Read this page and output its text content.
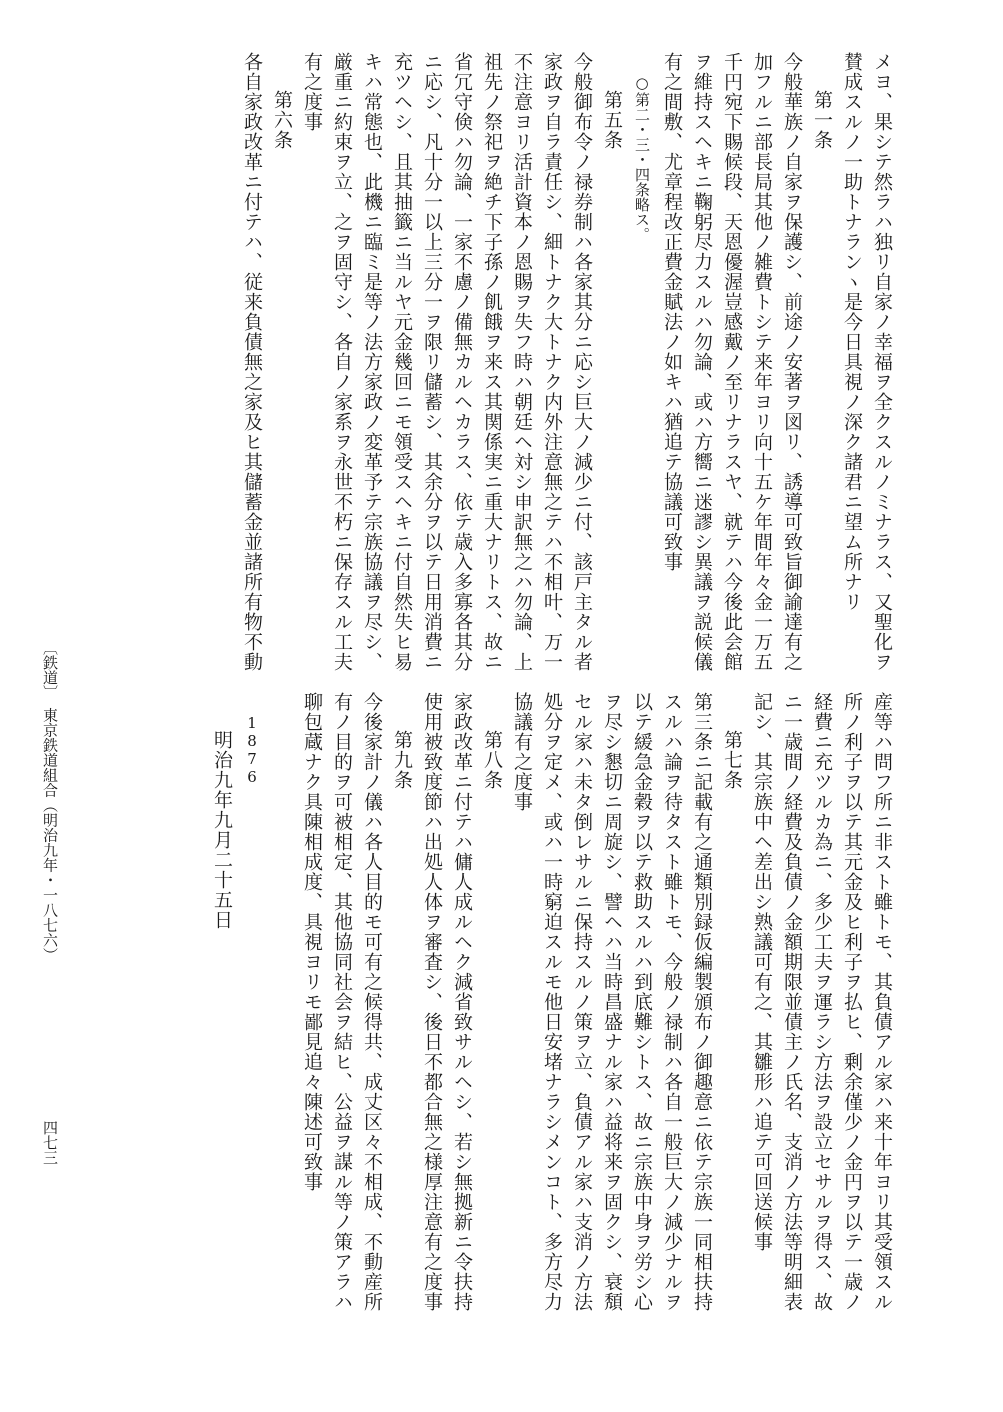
メヨ、果シテ然ラハ独リ自家ノ幸福ヲ全クスルノミナラス、又聖化ヲ
賛成スルノ一助トナランヽ是今日具視ノ深ク諸君ニ望ム所ナリ
第一条
今般華族ノ自家ヲ保護シ、前途ノ安著ヲ図リ、誘導可致旨御諭達有之
加フルニ部長局其他ノ雑費トシテ来年ヨリ向十五ケ年間年々金一万五
千円宛下賜候段、天恩優渥豈感戴ノ至リナラスヤ、就テハ今後此会館
ヲ維持スヘキニ鞠躬尽力スルハ勿論、或ハ方嚮ニ迷謬シ異議ヲ説候儀
有之間敷、尤章程改正費金賦法ノ如キハ猶追テ協議可致事
○第二・三・四条略ス。
第五条
今般御布令ノ禄券制ハ各家其分ニ応シ巨大ノ減少ニ付、該戸主タル者
家政ヲ自ラ責任シ、細トナク大トナク内外注意無之テハ不相叶、万一
不注意ヨリ活計資本ノ恩賜ヲ失フ時ハ朝廷ヘ対シ申訳無之ハ勿論、上
祖先ノ祭祀ヲ絶チ下子孫ノ飢餓ヲ来ス其関係実ニ重大ナリトス、故ニ
省冗守倹ハ勿論、一家不慮ノ備無カルヘカラス、依テ歳入多寡各其分
ニ応シ、凡十分一以上三分一ヲ限リ儲蓄シ、其余分ヲ以テ日用消費ニ
充ツヘシ、且其抽籤ニ当ルヤ元金幾回ニモ領受スヘキニ付自然失ヒ易
キハ常態也、此機ニ臨ミ是等ノ法方家政ノ変革予テ宗族協議ヲ尽シ、
厳重ニ約束ヲ立、之ヲ固守シ、各自ノ家系ヲ永世不朽ニ保存スル工夫
有之度事
第六条
各自家政改革ニ付テハ、従来負債無之家及ヒ其儲蓄金並諸所有物不動
産等ハ問フ所ニ非スト雖トモ、其負債アル家ハ来十年ヨリ其受領スル
所ノ利子ヲ以テ其元金及ヒ利子ヲ払ヒ、剰余僅少ノ金円ヲ以テ一歳ノ
経費ニ充ツルカ為ニ、多少工夫ヲ運ラシ方法ヲ設立セサルヲ得ス、故
ニ一歳間ノ経費及負債ノ金額期限並債主ノ氏名、支消ノ方法等明細表
記シ、其宗族中ヘ差出シ熟議可有之、其雛形ハ追テ可回送候事
第七条
第三条ニ記載有之通類別録仮編製頒布ノ御趣意ニ依テ宗族一同相扶持
スルハ論ヲ待タスト雖トモ、今般ノ禄制ハ各自一般巨大ノ減少ナルヲ
以テ緩急金穀ヲ以テ救助スルハ到底難シトス、故ニ宗族中身ヲ労シ心
ヲ尽シ懇切ニ周旋シ、譬ヘハ当時昌盛ナル家ハ益将来ヲ固クシ、衰頽
セル家ハ未タ倒レサルニ保持スルノ策ヲ立、負債アル家ハ支消ノ方法
処分ヲ定メ、或ハ一時窮迫スルモ他日安堵ナラシメンコト、多方尽力
協議有之度事
第八条
家政改革ニ付テハ傭人成ルヘク減省致サルヘシ、若シ無拠新ニ令扶持
使用被致度節ハ出処人体ヲ審査シ、後日不都合無之様厚注意有之度事
第九条
今後家計ノ儀ハ各人目的モ可有之候得共、成丈区々不相成、不動産所
有ノ目的ヲ可被相定、其他協同社会ヲ結ヒ、公益ヲ謀ル等ノ策アラハ
聊包蔵ナク具陳相成度、具視ヨリモ鄙見追々陳述可致事
1876
明治九年九月二十五日
〔鉄道〕　東京鉄道組合（明治九年・一八七六）
四七三
